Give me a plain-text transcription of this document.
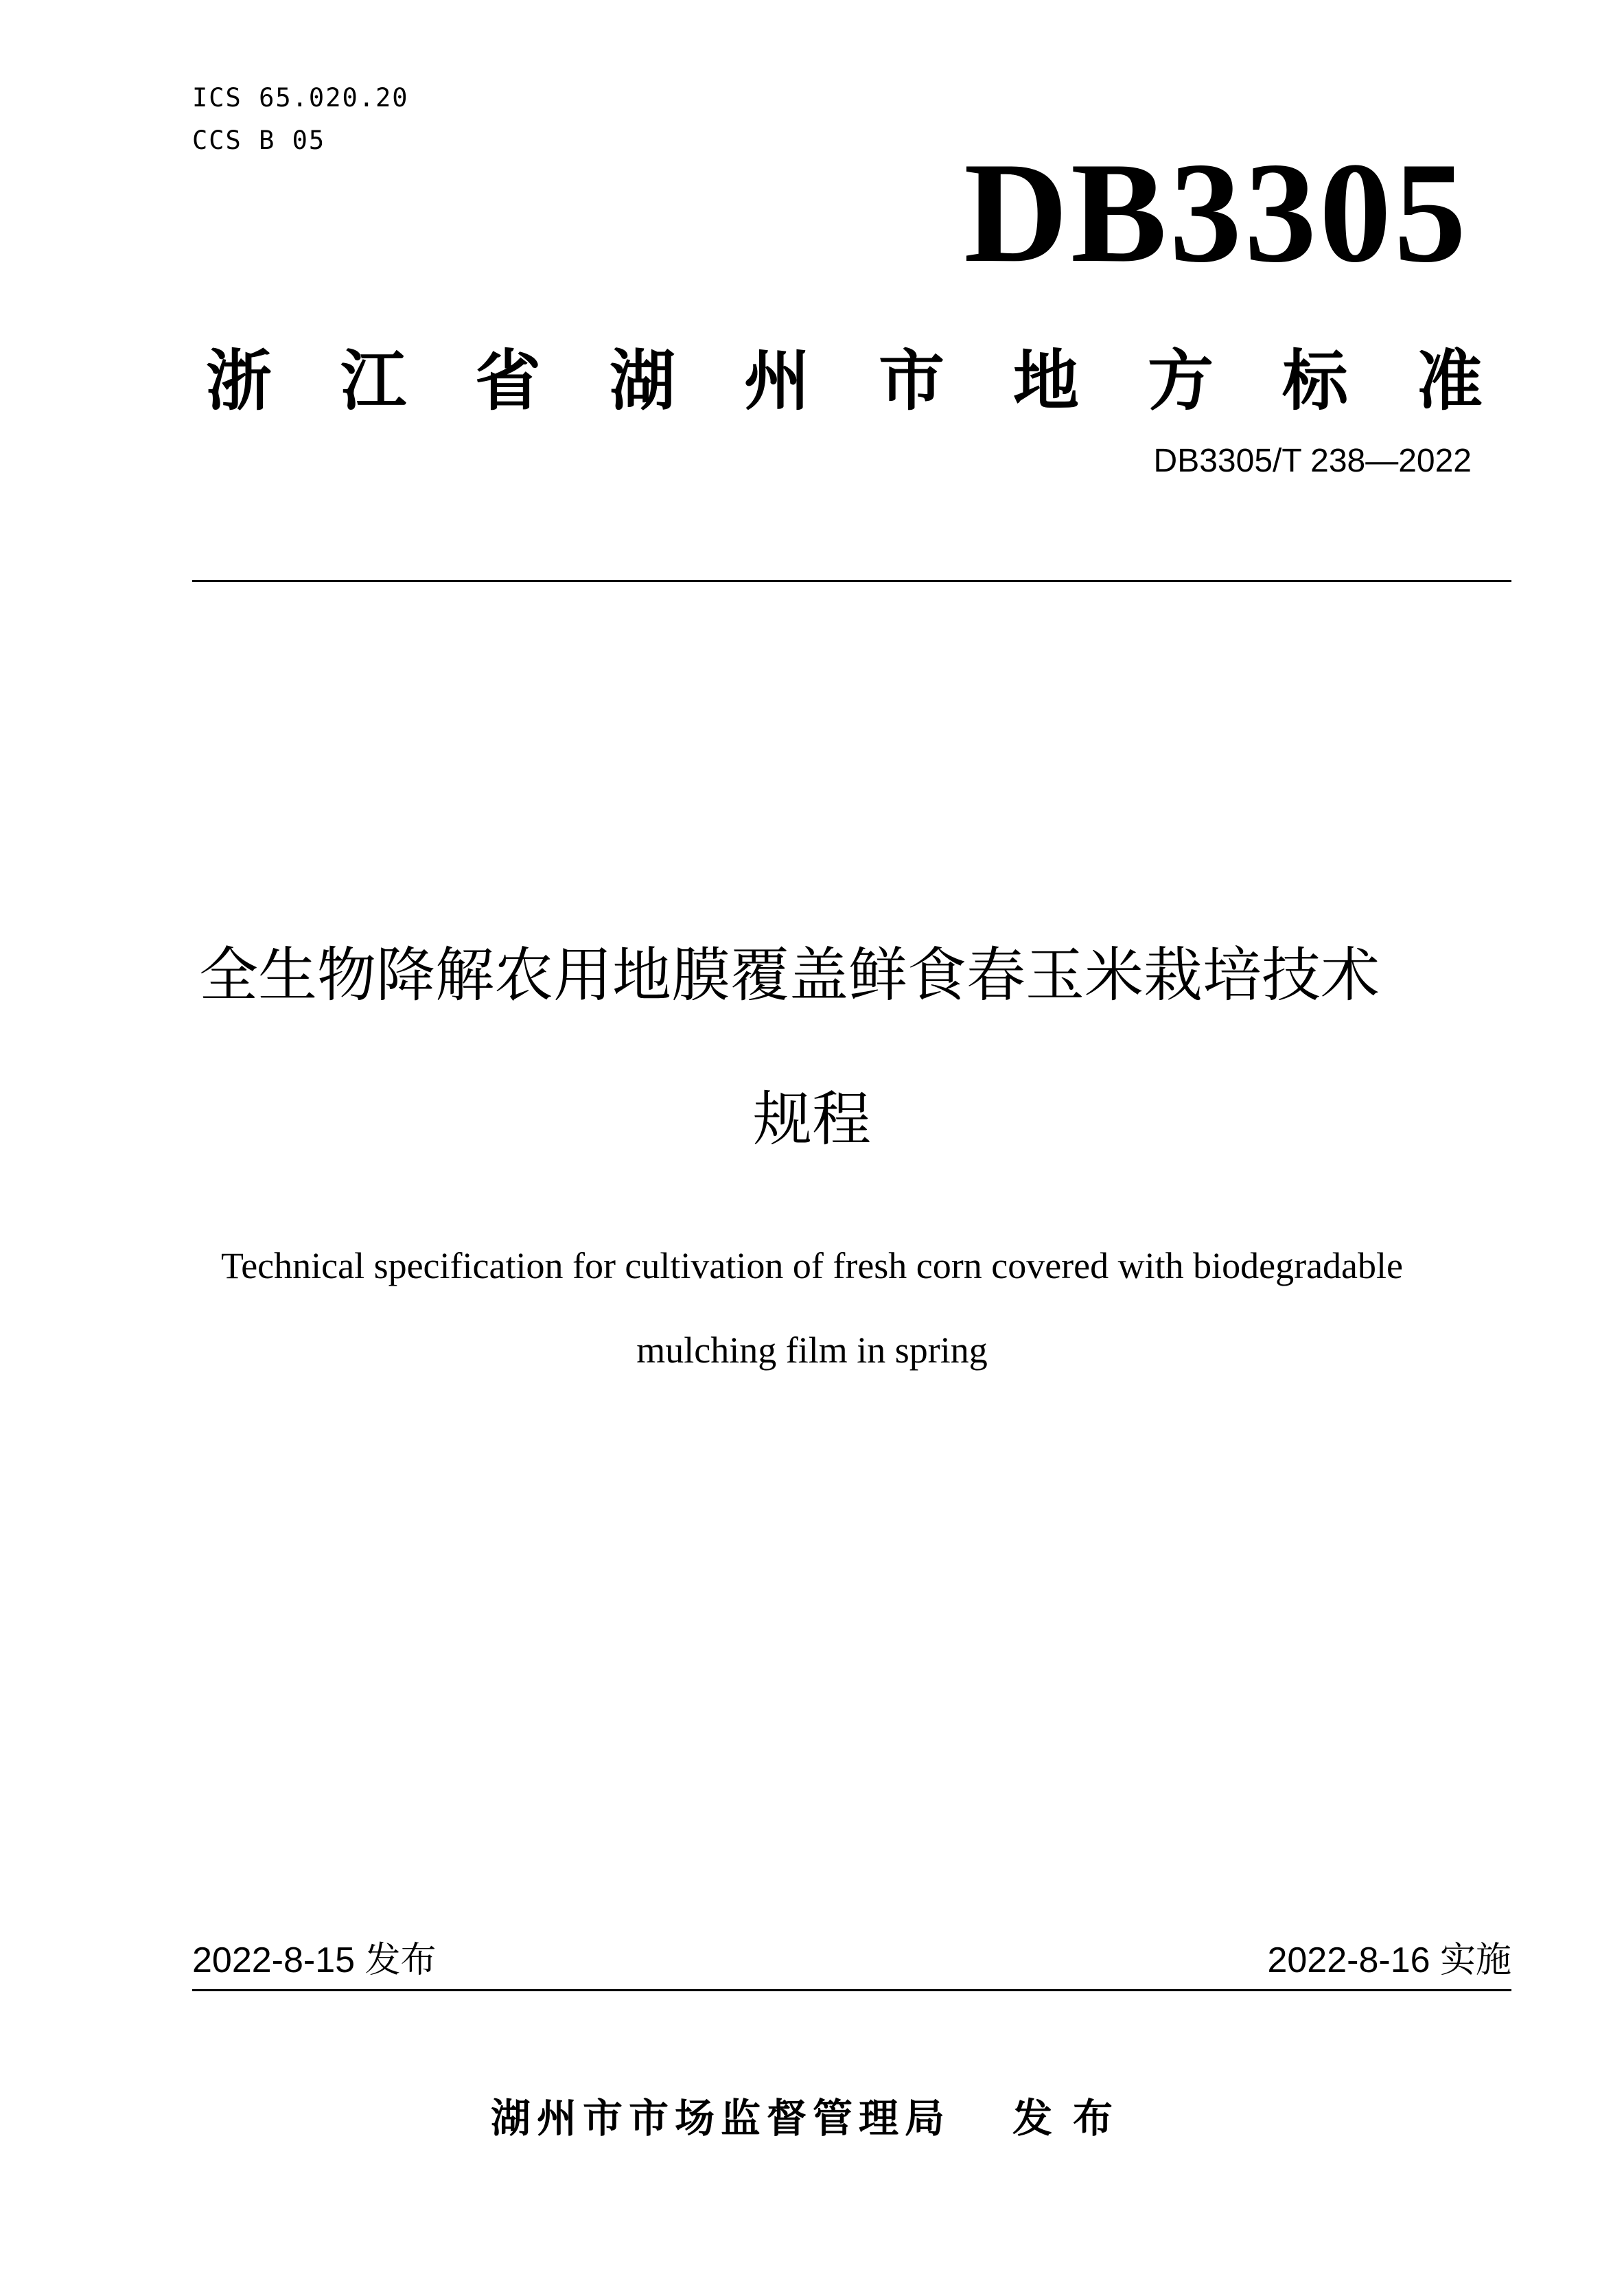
ICS 65.020.20
CCS B 05	DB3305
浙 江 省 湖 州 市 地 方 标 准
DB3305/T 238—2022
全生物降解农用地膜覆盖鲜食春玉米栽培技术
规程
Technical specification for cultivation of fresh corn covered with biodegradable
mulching film in spring
2022-8-15 发布	2022-8-16 实施
湖州市市场监督管理局 发布
